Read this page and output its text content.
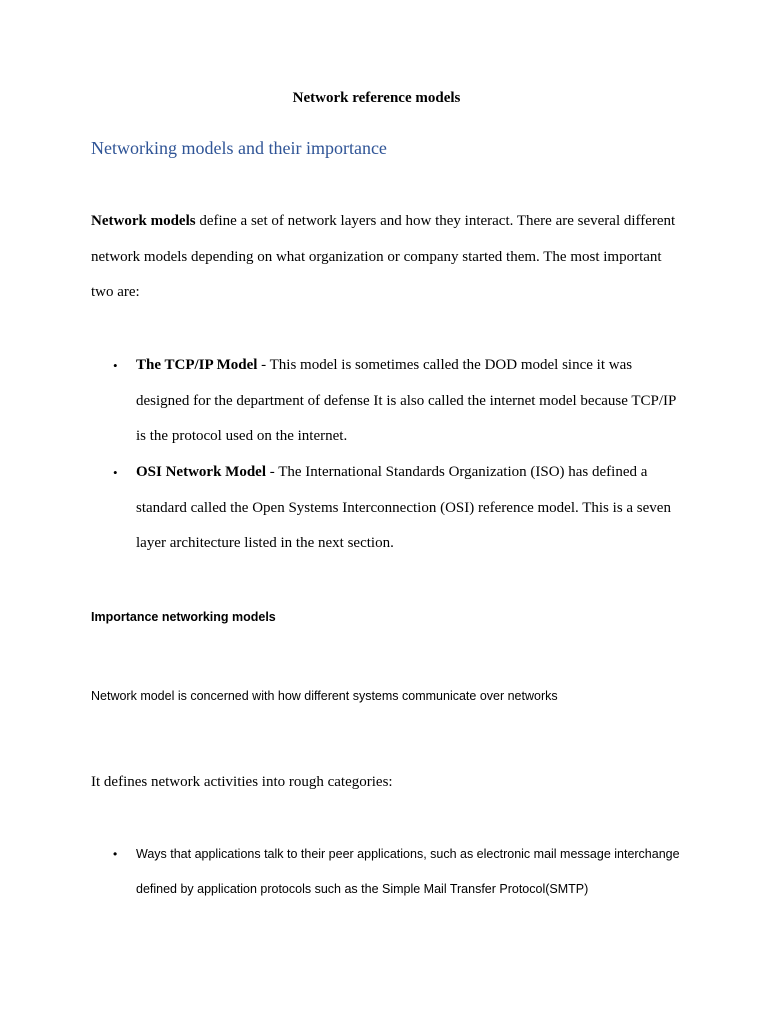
Network reference models
Networking models and their importance
Network models define a set of network layers and how they interact. There are several different network models depending on what organization or company started them. The most important two are:
• The TCP/IP Model - This model is sometimes called the DOD model since it was designed for the department of defense It is also called the internet model because TCP/IP is the protocol used on the internet.
• OSI Network Model - The International Standards Organization (ISO) has defined a standard called the Open Systems Interconnection (OSI) reference model. This is a seven layer architecture listed in the next section.
Importance networking models
Network model is concerned with how different systems communicate over networks
It defines network activities into rough categories:
• Ways that applications talk to their peer applications, such as electronic mail message interchange defined by application protocols such as the Simple Mail Transfer Protocol(SMTP)
